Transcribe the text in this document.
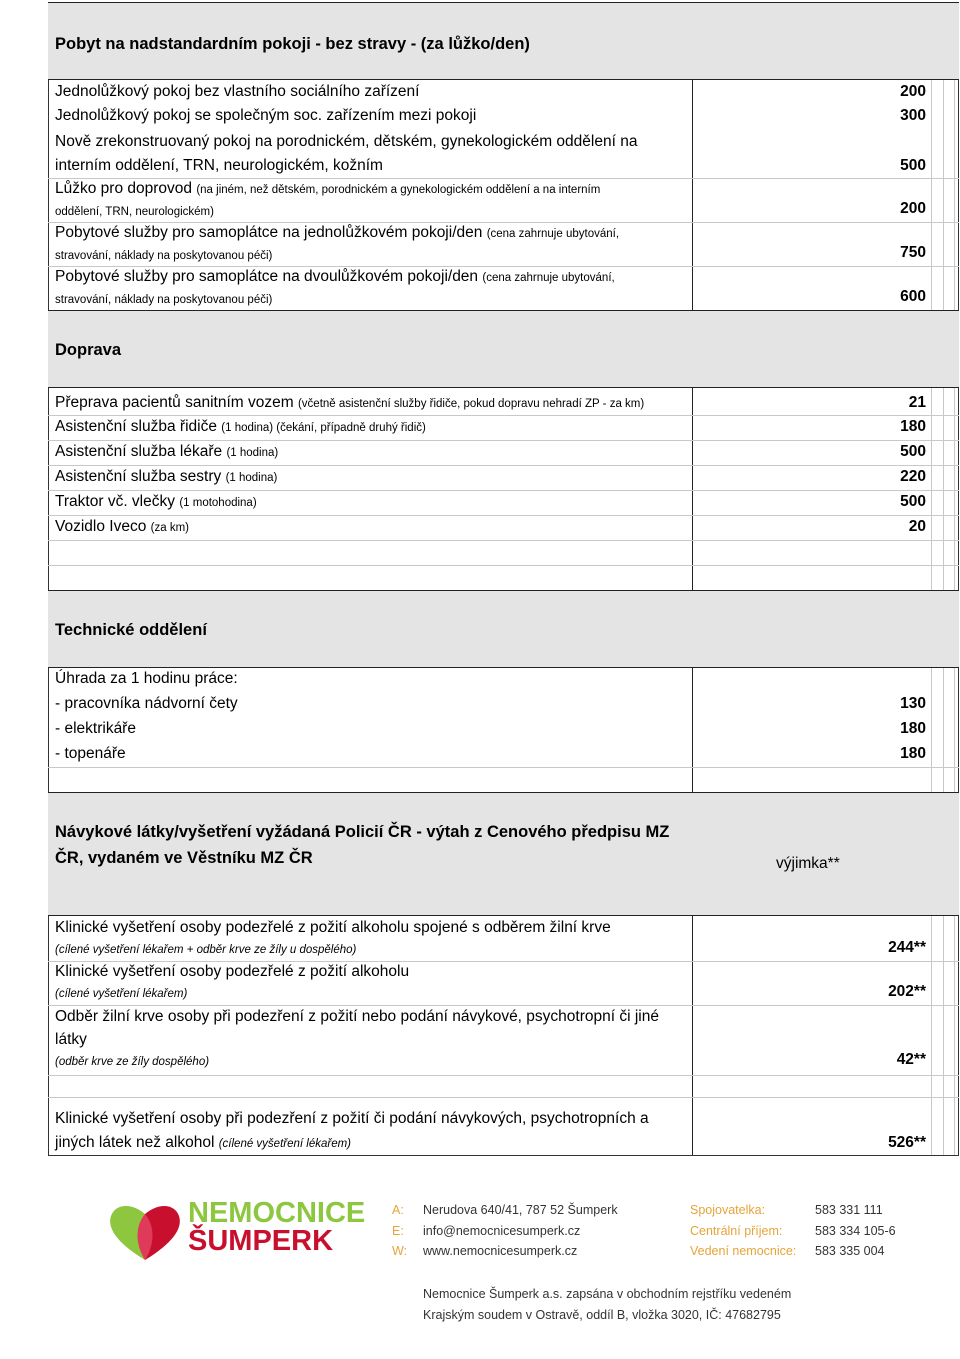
Pobyt na nadstandardním pokoji - bez stravy - (za lůžko/den)
Jednolůžkový pokoj bez vlastního sociálního zařízení	200
Jednolůžkový pokoj se společným soc. zařízením mezi pokoji	300
Nově zrekonstruovaný pokoj na porodnickém, dětském, gynekologickém oddělení na
interním oddělení, TRN, neurologickém, kožním	500
Lůžko pro doprovod (na jiném, než dětském, porodnickém a gynekologickém oddělení a na interním
oddělení, TRN, neurologickém)	200
Pobytové služby pro samoplátce na jednolůžkovém pokoji/den (cena zahrnuje ubytování,
stravování, náklady na poskytovanou péči)	750
Pobytové služby pro samoplátce na dvoulůžkovém pokoji/den (cena zahrnuje ubytování,
stravování, náklady na poskytovanou péči)	600
Doprava
Přeprava pacientů sanitním vozem (včetně asistenční služby řidiče, pokud dopravu nehradí ZP - za km)	21
Asistenční služba řidiče (1 hodina) (čekání, případně druhý řidič)	180
Asistenční služba lékaře (1 hodina)	500
Asistenční služba sestry (1 hodina)	220
Traktor vč. vlečky (1 motohodina)	500
Vozidlo Iveco (za km)	20
Technické oddělení
Úhrada za 1 hodinu práce:
- pracovníka nádvorní čety	130
- elektrikáře	180
- topenáře	180
Návykové látky/vyšetření vyžádaná Policií ČR - výtah z Cenového předpisu MZ
ČR, vydaném ve Věstníku MZ ČR	výjimka**
Klinické vyšetření osoby podezřelé z požití alkoholu spojené s odběrem žilní krve
(cílené vyšetření lékařem + odběr krve ze žíly u dospělého)	244**
Klinické vyšetření osoby podezřelé z požití alkoholu
(cílené vyšetření lékařem)	202**
Odběr žilní krve osoby při podezření z požití nebo podání návykové, psychotropní či jiné
látky
(odběr krve ze žíly dospělého)	42**
Klinické vyšetření osoby při podezření z požití či podání návykových, psychotropních a
jiných látek než alkohol (cílené vyšetření lékařem)	526**
NEMOCNICE
ŠUMPERK
A: Nerudova 640/41, 787 52 Šumperk
E: info@nemocnicesumperk.cz
W: www.nemocnicesumperk.cz
Spojovatelka:	583 331 111
Centrální příjem:	583 334 105-6
Vedení nemocnice: 583 335 004
Nemocnice Šumperk a.s. zapsána v obchodním rejstříku vedeném
Krajským soudem v Ostravě, oddíl B, vložka 3020, IČ: 47682795
